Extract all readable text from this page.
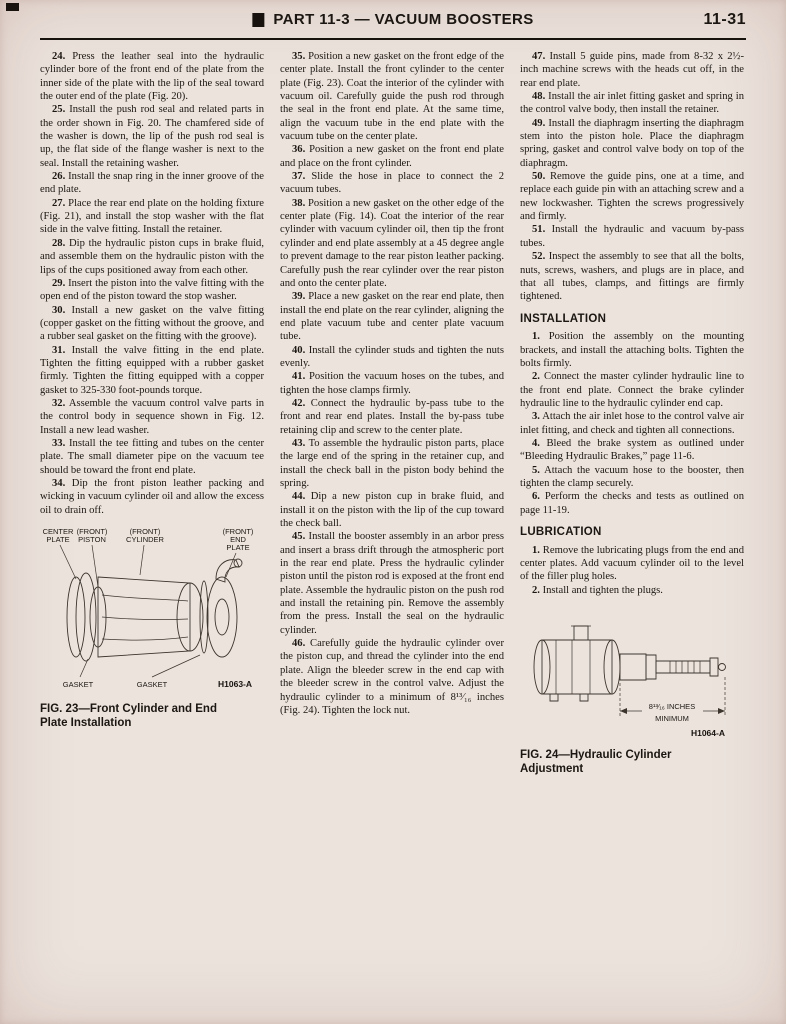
PART 11-3 — VACUUM BOOSTERS	11-31

24. Press the leather seal into the hydraulic cylinder bore of the front end of the plate from the inner side of the plate with the lip of the seal toward the outer end of the plate (Fig. 20).

25. Install the push rod seal and related parts in the order shown in Fig. 20. The chamfered side of the washer is down, the lip of the push rod seal is up, the flat side of the flange washer is next to the seal. Install the retaining washer.

26. Install the snap ring in the inner groove of the end plate.

27. Place the rear end plate on the holding fixture (Fig. 21), and install the stop washer with the flat side in the valve fitting. Install the retainer.

28. Dip the hydraulic piston cups in brake fluid, and assemble them on the hydraulic piston with the lips of the cups positioned away from each other.

29. Insert the piston into the valve fitting with the open end of the piston toward the stop washer.

30. Install a new gasket on the valve fitting (copper gasket on the fitting without the groove, and a rubber seal gasket on the fitting with the groove).

31. Install the valve fitting in the end plate. Tighten the fitting equipped with a rubber gasket firmly. Tighten the fitting equipped with a copper gasket to 325-330 foot-pounds torque.

32. Assemble the vacuum control valve parts in the control body in sequence shown in Fig. 12. Install a new lead washer.

33. Install the tee fitting and tubes on the center plate. The small diameter pipe on the vacuum tee should be toward the front end plate.

34. Dip the front piston leather packing and wicking in vacuum cylinder oil and allow the excess oil to drain off.

CENTER
PLATE
(FRONT)
PISTON
(FRONT)
CYLINDER
(FRONT)
END
PLATE
GASKET	GASKET	H1063-A
FIG. 23—Front Cylinder and End
Plate Installation

35. Position a new gasket on the front edge of the center plate. Install the front cylinder to the center plate (Fig. 23). Coat the interior of the cylinder with vacuum oil. Carefully guide the push rod through the seal in the front end plate. At the same time, align the vacuum tube in the end plate with the vacuum tube on the center plate.

36. Position a new gasket on the front end plate and place on the front cylinder.

37. Slide the hose in place to connect the 2 vacuum tubes.

38. Position a new gasket on the other edge of the center plate (Fig. 14). Coat the interior of the rear cylinder with vacuum cylinder oil, then tip the front cylinder and end plate assembly at a 45 degree angle to prevent damage to the rear piston leather packing. Carefully push the rear cylinder over the rear piston and onto the center plate.

39. Place a new gasket on the rear end plate, then install the end plate on the rear cylinder, aligning the end plate vacuum tube and center plate vacuum tube.

40. Install the cylinder studs and tighten the nuts evenly.

41. Position the vacuum hoses on the tubes, and tighten the hose clamps firmly.

42. Connect the hydraulic by-pass tube to the front and rear end plates. Install the by-pass tube retaining clip and screw to the center plate.

43. To assemble the hydraulic piston parts, place the large end of the spring in the retainer cup, and install the check ball in the piston body behind the spring.

44. Dip a new piston cup in brake fluid, and install it on the piston with the lip of the cup toward the check ball.

45. Install the booster assembly in an arbor press and insert a brass drift through the atmospheric port in the rear end plate. Press the hydraulic cylinder piston until the piston rod is exposed at the front end plate. Assemble the hydraulic piston on the push rod and install the retaining pin. Remove the assembly from the press. Install the seal on the hydraulic cylinder.

46. Carefully guide the hydraulic cylinder over the piston cup, and thread the cylinder into the end plate. Align the bleeder screw in the end cap with the bleeder screw in the control valve. Adjust the hydraulic cylinder to a minimum of 8¹³⁄₁₆ inches (Fig. 24). Tighten the lock nut.

47. Install 5 guide pins, made from 8-32 x 2½-inch machine screws with the heads cut off, in the rear end plate.

48. Install the air inlet fitting gasket and spring in the control valve body, then install the retainer.

49. Install the diaphragm inserting the diaphragm stem into the piston hole. Place the diaphragm spring, gasket and control valve body on top of the diaphragm.

50. Remove the guide pins, one at a time, and replace each guide pin with an attaching screw and a new lockwasher. Tighten the screws progressively and firmly.

51. Install the hydraulic and vacuum by-pass tubes.

52. Inspect the assembly to see that all the bolts, nuts, screws, washers, and plugs are in place, and that all tubes, clamps, and fittings are firmly tightened.

INSTALLATION

1. Position the assembly on the mounting brackets, and install the attaching bolts. Tighten the bolts firmly.

2. Connect the master cylinder hydraulic line to the front end plate. Connect the brake cylinder hydraulic line to the hydraulic cylinder end cap.

3. Attach the air inlet hose to the control valve air inlet fitting, and check and tighten all connections.

4. Bleed the brake system as outlined under “Bleeding Hydraulic Brakes,” page 11-6.

5. Attach the vacuum hose to the booster, then tighten the clamp securely.

6. Perform the checks and tests as outlined on page 11-19.

LUBRICATION

1. Remove the lubricating plugs from the end and center plates. Add vacuum cylinder oil to the level of the filler plug holes.

2. Install and tighten the plugs.

8¹³⁄₁₆ INCHES
MINIMUM
H1064-A
FIG. 24—Hydraulic Cylinder
Adjustment
